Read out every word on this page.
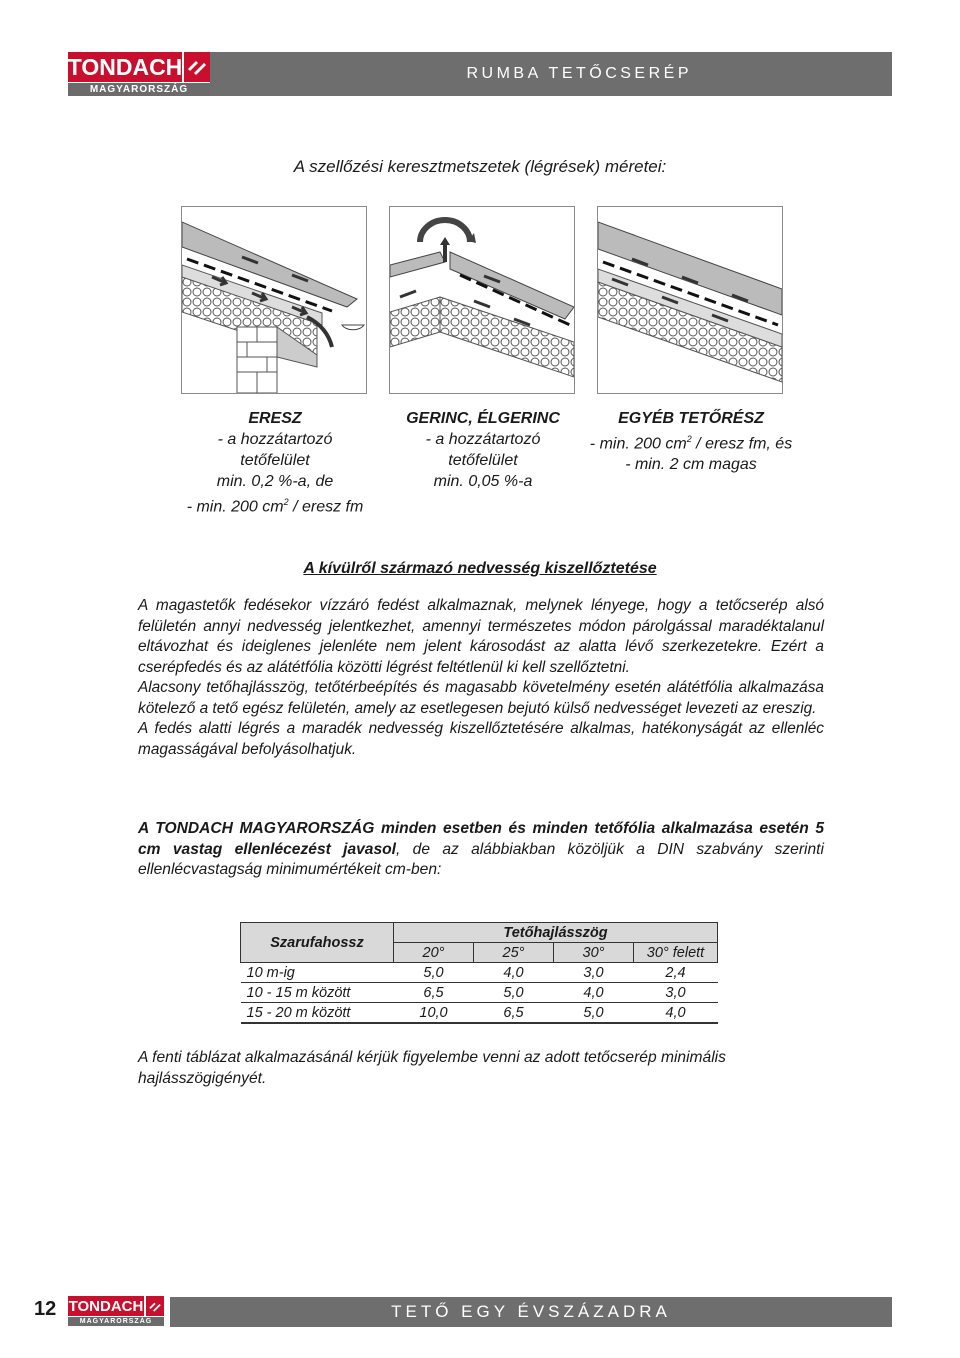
TONDACH
MAGYARORSZÁG
RUMBA TETŐCSERÉP
A szellőzési keresztmetszetek (légrések) méretei:
ERESZ
- a hozzátartozó
tetőfelület
min. 0,2 %-a, de
- min. 200 $cm^2$ / eresz fm
GERINC, ÉLGERINC
- a hozzátartozó
tetőfelület
min. 0,05 %-a
EGYÉB TETŐRÉSZ
- min. 200 $cm^2$ / eresz fm, és
- min. 2 cm magas
A kívülről származó nedvesség kiszellőztetése

A magastetők fedésekor vízzáró fedést alkalmaznak, melynek lényege, hogy a tetőcserép alsó felületén annyi nedvesség jelentkezhet, amennyi természetes módon párolgással maradéktalanul eltávozhat és ideiglenes jelenléte nem jelent károsodást az alatta lévő szerkezetekre. Ezért a cserépfedés és az alátétfólia közötti légrést feltétlenül ki kell szellőztetni.

Alacsony tetőhajlásszög, tetőtérbeépítés és magasabb követelmény esetén alátétfólia alkalmazása kötelező a tető egész felületén, amely az esetlegesen bejutó külső nedvességet levezeti az ereszig.

A fedés alatti légrés a maradék nedvesség kiszellőztetésére alkalmas, hatékonyságát az ellenléc magasságával befolyásolhatjuk.

A TONDACH MAGYARORSZÁG minden esetben és minden tetőfólia alkalmazása esetén 5 cm vastag ellenlécezést javasol, de az alábbiakban közöljük a DIN szabvány szerinti ellenlécvastagság minimumértékeit cm-ben:
Szarufahossz	Tetőhajlásszög			
	20°	25°	30°	30° felett
10 m-ig	5,0	4,0	3,0	2,4
10 - 15 m között	6,5	5,0	4,0	3,0
15 - 20 m között	10,0	6,5	5,0	4,0
A fenti táblázat alkalmazásánál kérjük figyelembe venni az adott tetőcserép minimális hajlásszögigényét.
12 TONDACH
MAGYARORSZÁG
TETŐ EGY ÉVSZÁZADRA
